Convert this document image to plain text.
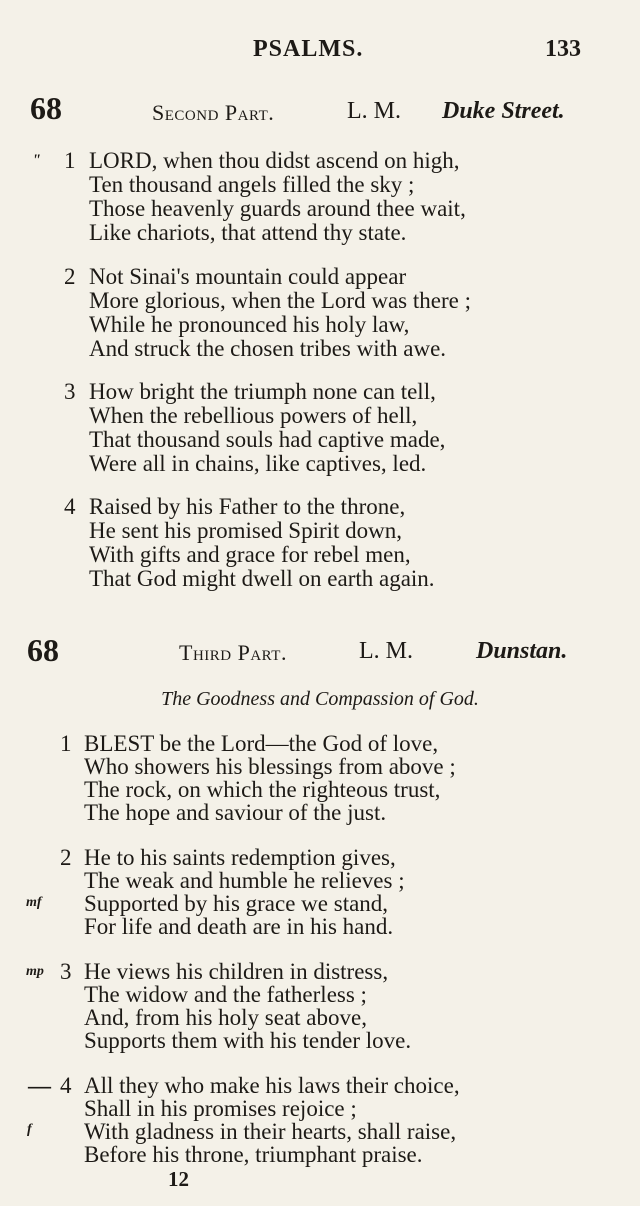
PSALMS.	133
68	Second Part.	L. M. Duke Street.
" 1 LORD, when thou didst ascend on high,
Ten thousand angels filled the sky ;
Those heavenly guards around thee wait,
Like chariots, that attend thy state.
2 Not Sinai's mountain could appear
More glorious, when the Lord was there ;
While he pronounced his holy law,
And struck the chosen tribes with awe.
3 How bright the triumph none can tell,
When the rebellious powers of hell,
That thousand souls had captive made,
Were all in chains, like captives, led.
4 Raised by his Father to the throne,
He sent his promised Spirit down,
With gifts and grace for rebel men,
That God might dwell on earth again.
68	Third Part.	L. M.	Dunstan.
The Goodness and Compassion of God.
1 BLEST be the Lord—the God of love,
Who showers his blessings from above ;
The rock, on which the righteous trust,
The hope and saviour of the just.
2 He to his saints redemption gives,
The weak and humble he relieves ;
mf Supported by his grace we stand,
For life and death are in his hand.
mp 3 He views his children in distress,
The widow and the fatherless ;
And, from his holy seat above,
Supports them with his tender love.
— 4 All they who make his laws their choice,
Shall in his promises rejoice ;
f With gladness in their hearts, shall raise,
Before his throne, triumphant praise.
12
